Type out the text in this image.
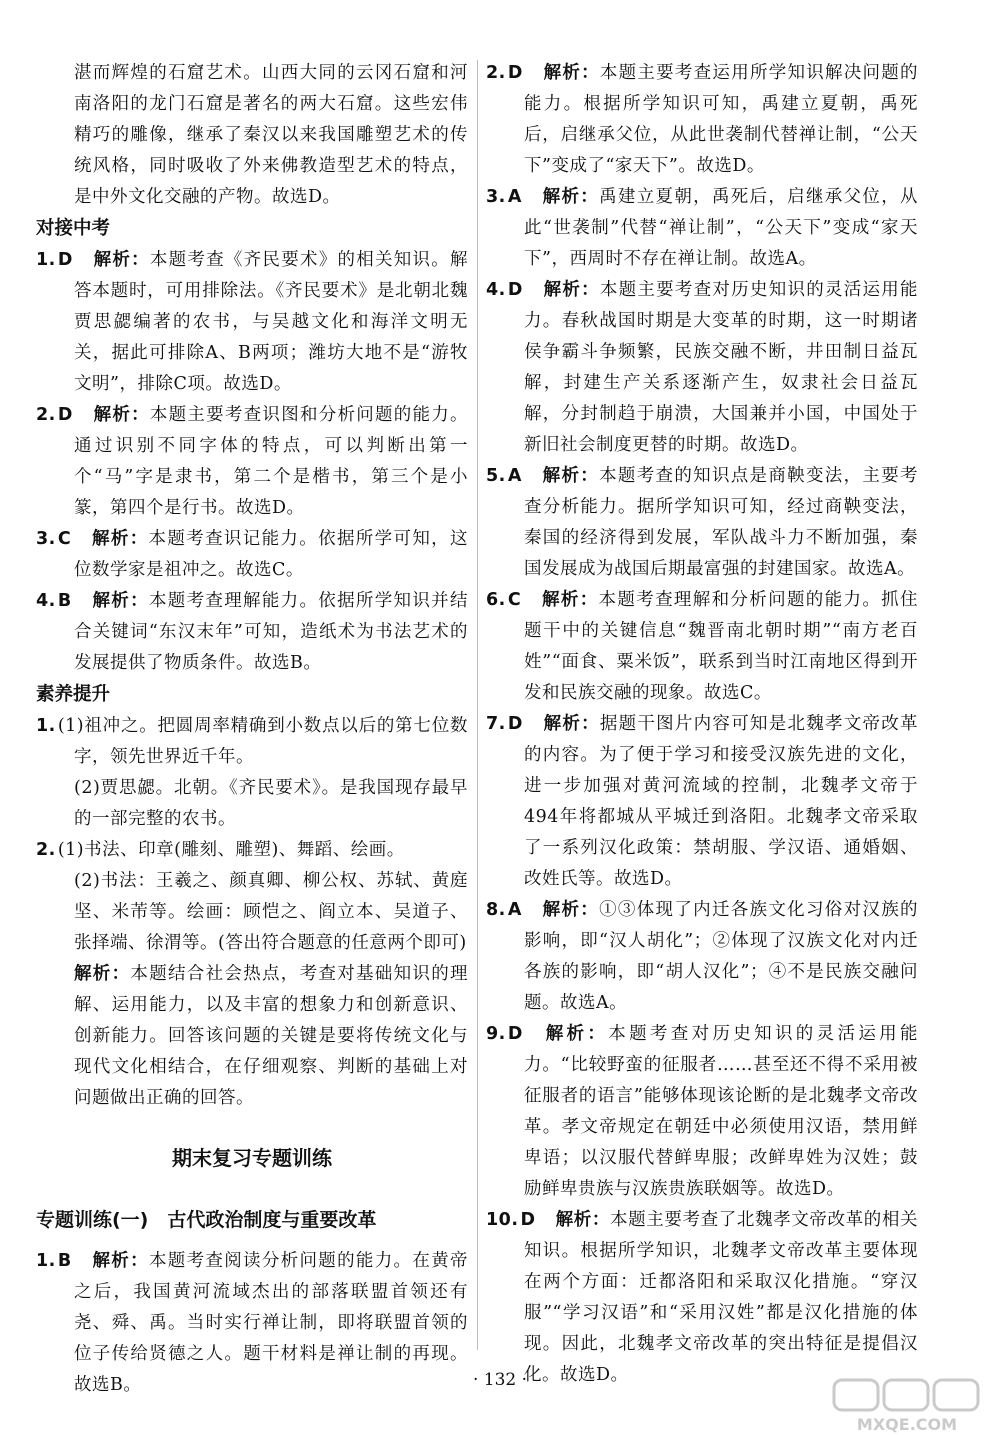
湛而辉煌的石窟艺术。山西大同的云冈石窟和河南洛阳的龙门石窟是著名的两大石窟。这些宏伟精巧的雕像，继承了秦汉以来我国雕塑艺术的传统风格，同时吸收了外来佛教造型艺术的特点，是中外文化交融的产物。故选D。

对接中考

1. D  解析：本题考查《齐民要术》的相关知识。解答本题时，可用排除法。《齐民要术》是北朝北魏贾思勰编著的农书，与吴越文化和海洋文明无关，据此可排除A、B两项；潍坊大地不是“游牧文明”，排除C项。故选D。

2. D  解析：本题主要考查识图和分析问题的能力。通过识别不同字体的特点，可以判断出第一个“马”字是隶书，第二个是楷书，第三个是小篆，第四个是行书。故选D。

3. C  解析：本题考查识记能力。依据所学可知，这位数学家是祖冲之。故选C。

4. B  解析：本题考查理解能力。依据所学知识并结合关键词“东汉末年”可知，造纸术为书法艺术的发展提供了物质条件。故选B。

素养提升

1. (1)祖冲之。把圆周率精确到小数点以后的第七位数字，领先世界近千年。

(2)贾思勰。北朝。《齐民要术》。是我国现存最早的一部完整的农书。

2. (1)书法、印章(雕刻、雕塑)、舞蹈、绘画。

(2)书法：王羲之、颜真卿、柳公权、苏轼、黄庭坚、米芾等。绘画：顾恺之、阎立本、吴道子、张择端、徐渭等。(答出符合题意的任意两个即可)

解析：本题结合社会热点，考查对基础知识的理解、运用能力，以及丰富的想象力和创新意识、创新能力。回答该问题的关键是要将传统文化与现代文化相结合，在仔细观察、判断的基础上对问题做出正确的回答。

期末复习专题训练
专题训练(一)　古代政治制度与重要改革

1. B  解析：本题考查阅读分析问题的能力。在黄帝之后，我国黄河流域杰出的部落联盟首领还有尧、舜、禹。当时实行禅让制，即将联盟首领的位子传给贤德之人。题干材料是禅让制的再现。故选B。

2. D  解析：本题主要考查运用所学知识解决问题的能力。根据所学知识可知，禹建立夏朝，禹死后，启继承父位，从此世袭制代替禅让制，“公天下”变成了“家天下”。故选D。

3. A  解析：禹建立夏朝，禹死后，启继承父位，从此“世袭制”代替“禅让制”，“公天下”变成“家天下”，西周时不存在禅让制。故选A。

4. D  解析：本题主要考查对历史知识的灵活运用能力。春秋战国时期是大变革的时期，这一时期诸侯争霸斗争频繁，民族交融不断，井田制日益瓦解，封建生产关系逐渐产生，奴隶社会日益瓦解，分封制趋于崩溃，大国兼并小国，中国处于新旧社会制度更替的时期。故选D。

5. A  解析：本题考查的知识点是商鞅变法，主要考查分析能力。据所学知识可知，经过商鞅变法，秦国的经济得到发展，军队战斗力不断加强，秦国发展成为战国后期最富强的封建国家。故选A。

6. C  解析：本题考查理解和分析问题的能力。抓住题干中的关键信息“魏晋南北朝时期”“南方老百姓”“面食、粟米饭”，联系到当时江南地区得到开发和民族交融的现象。故选C。

7. D  解析：据题干图片内容可知是北魏孝文帝改革的内容。为了便于学习和接受汉族先进的文化，进一步加强对黄河流域的控制，北魏孝文帝于494年将都城从平城迁到洛阳。北魏孝文帝采取了一系列汉化政策：禁胡服、学汉语、通婚姻、改姓氏等。故选D。

8. A  解析：①③体现了内迁各族文化习俗对汉族的影响，即“汉人胡化”；②体现了汉族文化对内迁各族的影响，即“胡人汉化”；④不是民族交融问题。故选A。

9. D  解析：本题考查对历史知识的灵活运用能力。“比较野蛮的征服者……甚至还不得不采用被征服者的语言”能够体现该论断的是北魏孝文帝改革。孝文帝规定在朝廷中必须使用汉语，禁用鲜卑语；以汉服代替鲜卑服；改鲜卑姓为汉姓；鼓励鲜卑贵族与汉族贵族联姻等。故选D。

10. D  解析：本题主要考查了北魏孝文帝改革的相关知识。根据所学知识，北魏孝文帝改革主要体现在两个方面：迁都洛阳和采取汉化措施。“穿汉服”“学习汉语”和“采用汉姓”都是汉化措施的体现。因此，北魏孝文帝改革的突出特征是提倡汉化。故选D。

· 132 ·
MXQE.COM
